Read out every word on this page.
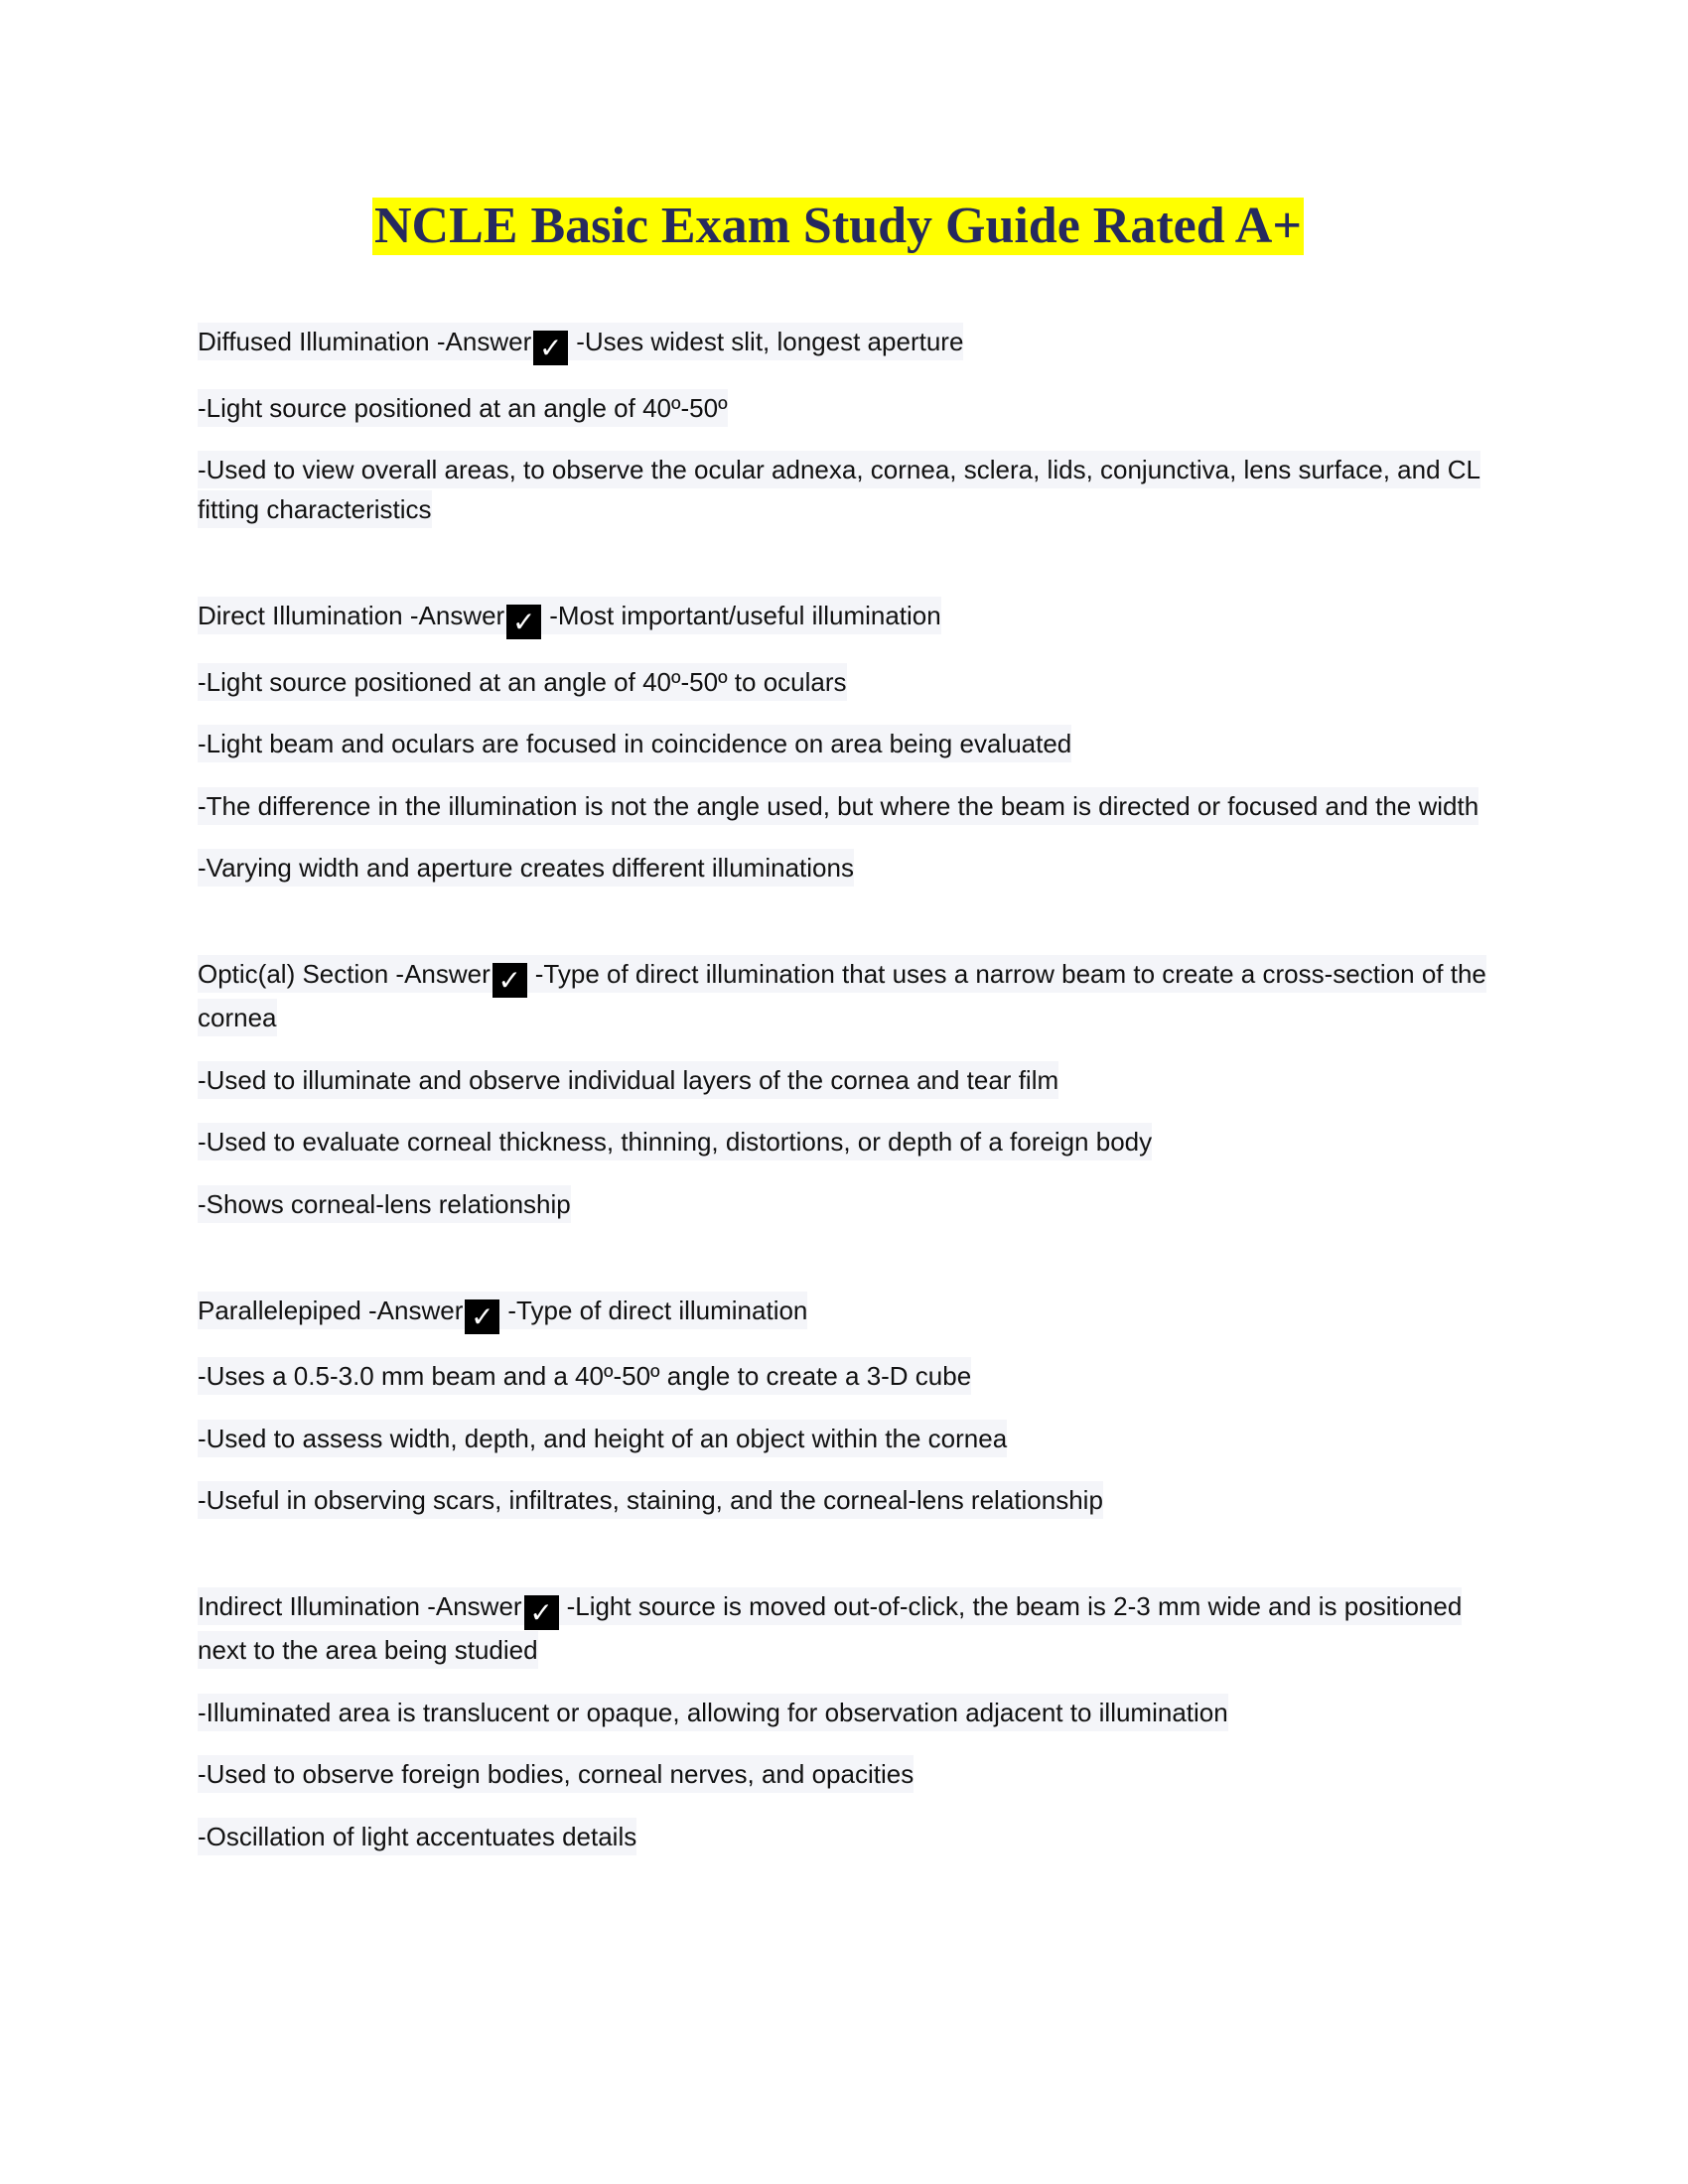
NCLE Basic Exam Study Guide Rated A+

Diffused Illumination -Answer ✓ -Uses widest slit, longest aperture

-Light source positioned at an angle of 40º-50º

-Used to view overall areas, to observe the ocular adnexa, cornea, sclera, lids, conjunctiva, lens surface, and CL fitting characteristics

Direct Illumination -Answer ✓ -Most important/useful illumination

-Light source positioned at an angle of 40º-50º to oculars

-Light beam and oculars are focused in coincidence on area being evaluated

-The difference in the illumination is not the angle used, but where the beam is directed or focused and the width

-Varying width and aperture creates different illuminations

Optic(al) Section -Answer ✓ -Type of direct illumination that uses a narrow beam to create a cross-section of the cornea

-Used to illuminate and observe individual layers of the cornea and tear film

-Used to evaluate corneal thickness, thinning, distortions, or depth of a foreign body

-Shows corneal-lens relationship

Parallelepiped -Answer ✓ -Type of direct illumination

-Uses a 0.5-3.0 mm beam and a 40º-50º angle to create a 3-D cube

-Used to assess width, depth, and height of an object within the cornea

-Useful in observing scars, infiltrates, staining, and the corneal-lens relationship

Indirect Illumination -Answer ✓ -Light source is moved out-of-click, the beam is 2-3 mm wide and is positioned next to the area being studied

-Illuminated area is translucent or opaque, allowing for observation adjacent to illumination

-Used to observe foreign bodies, corneal nerves, and opacities

-Oscillation of light accentuates details
